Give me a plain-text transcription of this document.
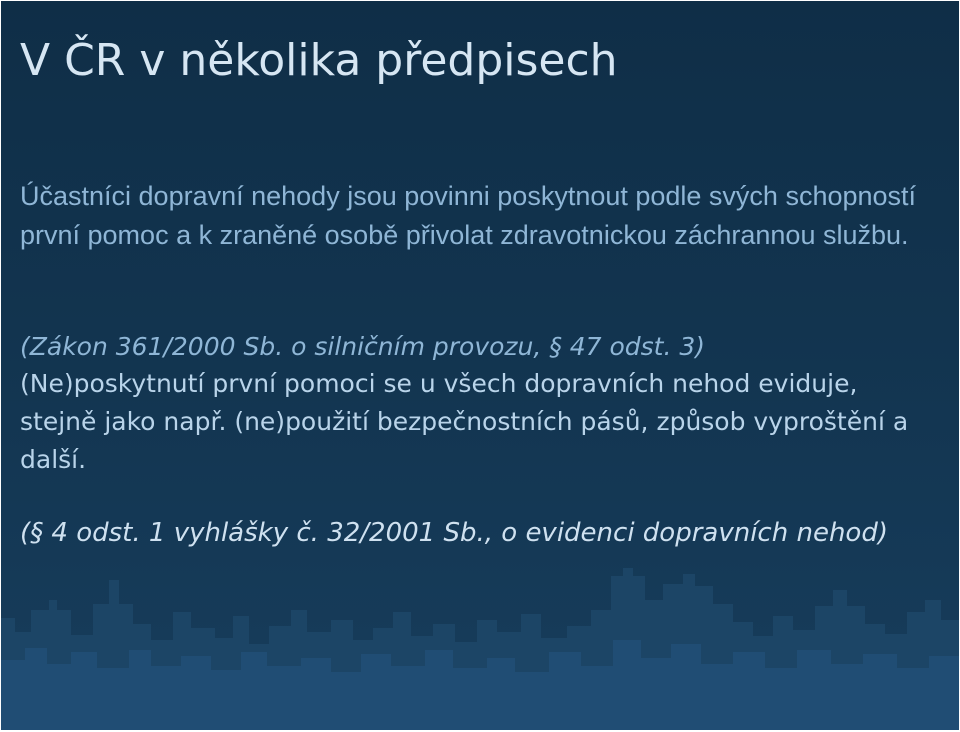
V ČR v několika předpisech

Účastníci dopravní nehody jsou povinni poskytnout podle svých schopností první pomoc a k zraněné osobě přivolat zdravotnickou záchrannou službu.

(Zákon 361/2000 Sb. o silničním provozu, § 47 odst. 3)

(Ne)poskytnutí první pomoci se u všech dopravních nehod eviduje, stejně jako např. (ne)použití bezpečnostních pásů, způsob vyproštění a další.

(§ 4 odst. 1 vyhlášky č. 32/2001 Sb., o evidenci dopravních nehod)
